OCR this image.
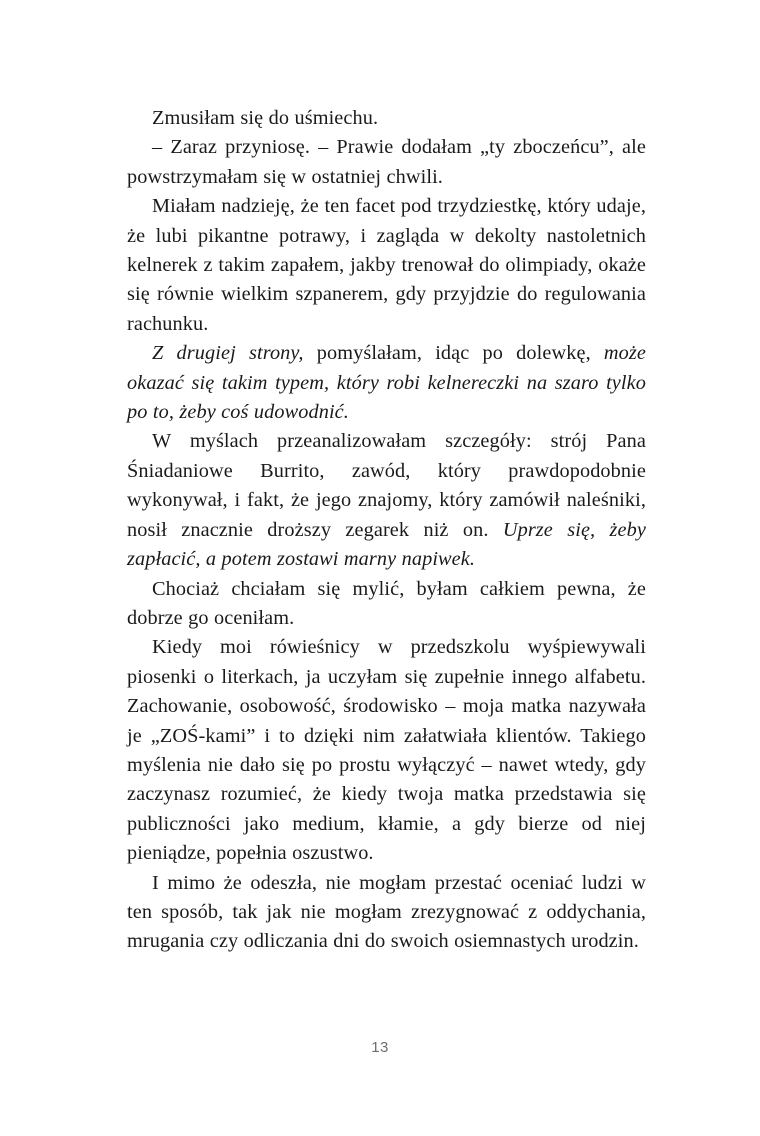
Zmusiłam się do uśmiechu.

– Zaraz przyniosę. – Prawie dodałam „ty zboczeńcu”, ale powstrzymałam się w ostatniej chwili.

Miałam nadzieję, że ten facet pod trzydziestkę, który udaje, że lubi pikantne potrawy, i zagląda w dekolty nastoletnich kelnerek z takim zapałem, jakby trenował do olimpiady, okaże się równie wielkim szpanerem, gdy przyjdzie do regulowania rachunku.

Z drugiej strony, pomyślałam, idąc po dolewkę, może okazać się takim typem, który robi kelnereczki na szaro tylko po to, żeby coś udowodnić.

W myślach przeanalizowałam szczegóły: strój Pana Śniadaniowe Burrito, zawód, który prawdopodobnie wykonywał, i fakt, że jego znajomy, który zamówił naleśniki, nosił znacznie droższy zegarek niż on. Uprze się, żeby zapłacić, a potem zostawi marny napiwek.

Chociaż chciałam się mylić, byłam całkiem pewna, że dobrze go oceniłam.

Kiedy moi rówieśnicy w przedszkolu wyśpiewywali piosenki o literkach, ja uczyłam się zupełnie innego alfabetu. Zachowanie, osobowość, środowisko – moja matka nazywała je „ZOŚ-kami” i to dzięki nim załatwiała klientów. Takiego myślenia nie dało się po prostu wyłączyć – nawet wtedy, gdy zaczynasz rozumieć, że kiedy twoja matka przedstawia się publiczności jako medium, kłamie, a gdy bierze od niej pieniądze, popełnia oszustwo.

I mimo że odeszła, nie mogłam przestać oceniać ludzi w ten sposób, tak jak nie mogłam zrezygnować z oddychania, mrugania czy odliczania dni do swoich osiemnastych urodzin.

13
